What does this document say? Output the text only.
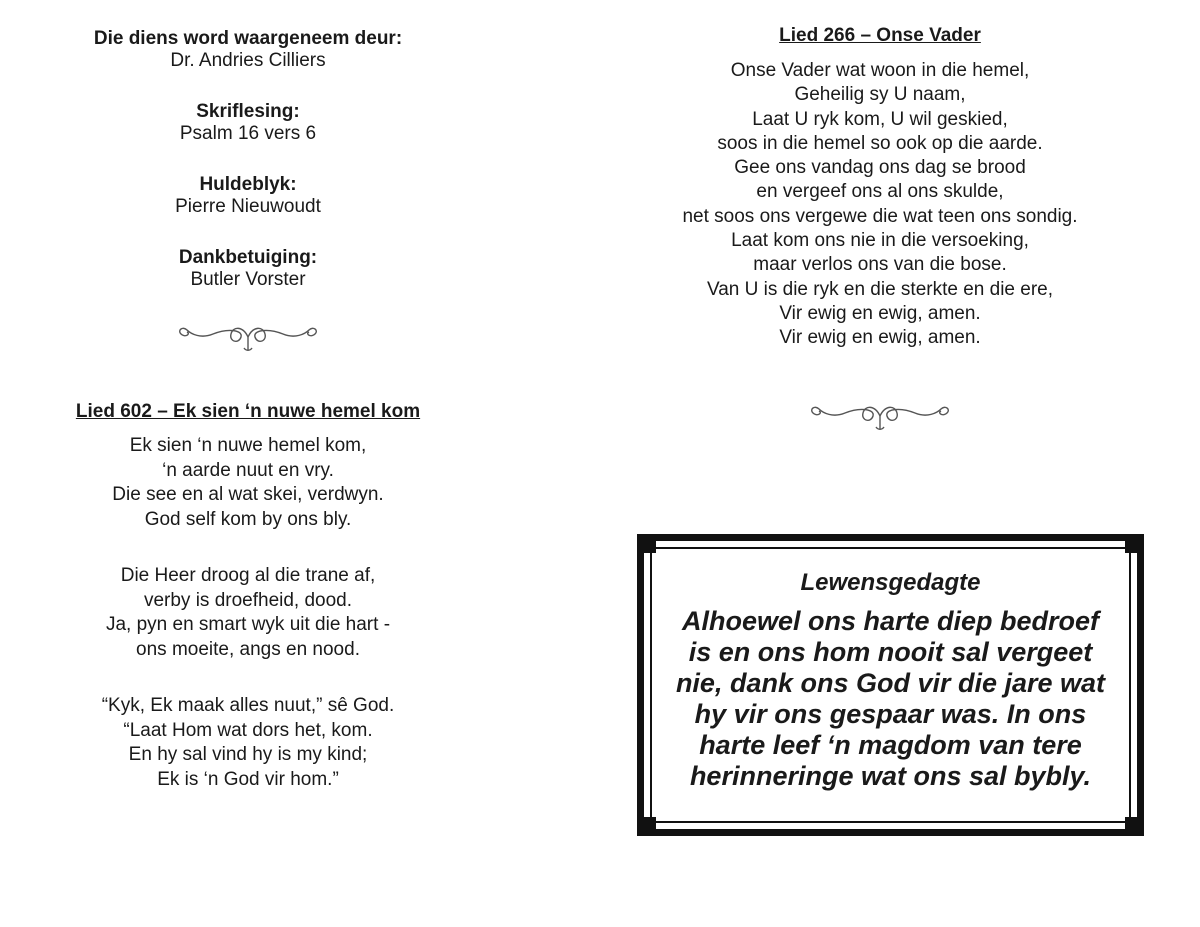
Die diens word waargeneem deur:
Dr. Andries Cilliers
Skriflesing:
Psalm 16 vers 6
Huldeblyk:
Pierre Nieuwoudt
Dankbetuiging:
Butler Vorster
Lied 602 – Ek sien ‘n nuwe hemel kom
Ek sien ‘n nuwe hemel kom,
‘n aarde nuut en vry.
Die see en al wat skei, verdwyn.
God self kom by ons bly.
Die Heer droog al die trane af,
verby is droefheid, dood.
Ja, pyn en smart wyk uit die hart -
ons moeite, angs en nood.
“Kyk, Ek maak alles nuut,” sê God.
“Laat Hom wat dors het, kom.
En hy sal vind hy is my kind;
Ek is ‘n God vir hom.”
Lied 266 – Onse Vader
Onse Vader wat woon in die hemel,
Geheilig sy U naam,
Laat U ryk kom, U wil geskied,
soos in die hemel so ook op die aarde.
Gee ons vandag ons dag se brood
en vergeef ons al ons skulde,
net soos ons vergewe die wat teen ons sondig.
Laat kom ons nie in die versoeking,
maar verlos ons van die bose.
Van U is die ryk en die sterkte en die ere,
Vir ewig en ewig, amen.
Vir ewig en ewig, amen.
Lewensgedagte
Alhoewel ons harte diep bedroef
is en ons hom nooit sal vergeet
nie, dank ons God vir die jare wat
hy vir ons gespaar was. In ons
harte leef ‘n magdom van tere
herinneringe wat ons sal bybly.
